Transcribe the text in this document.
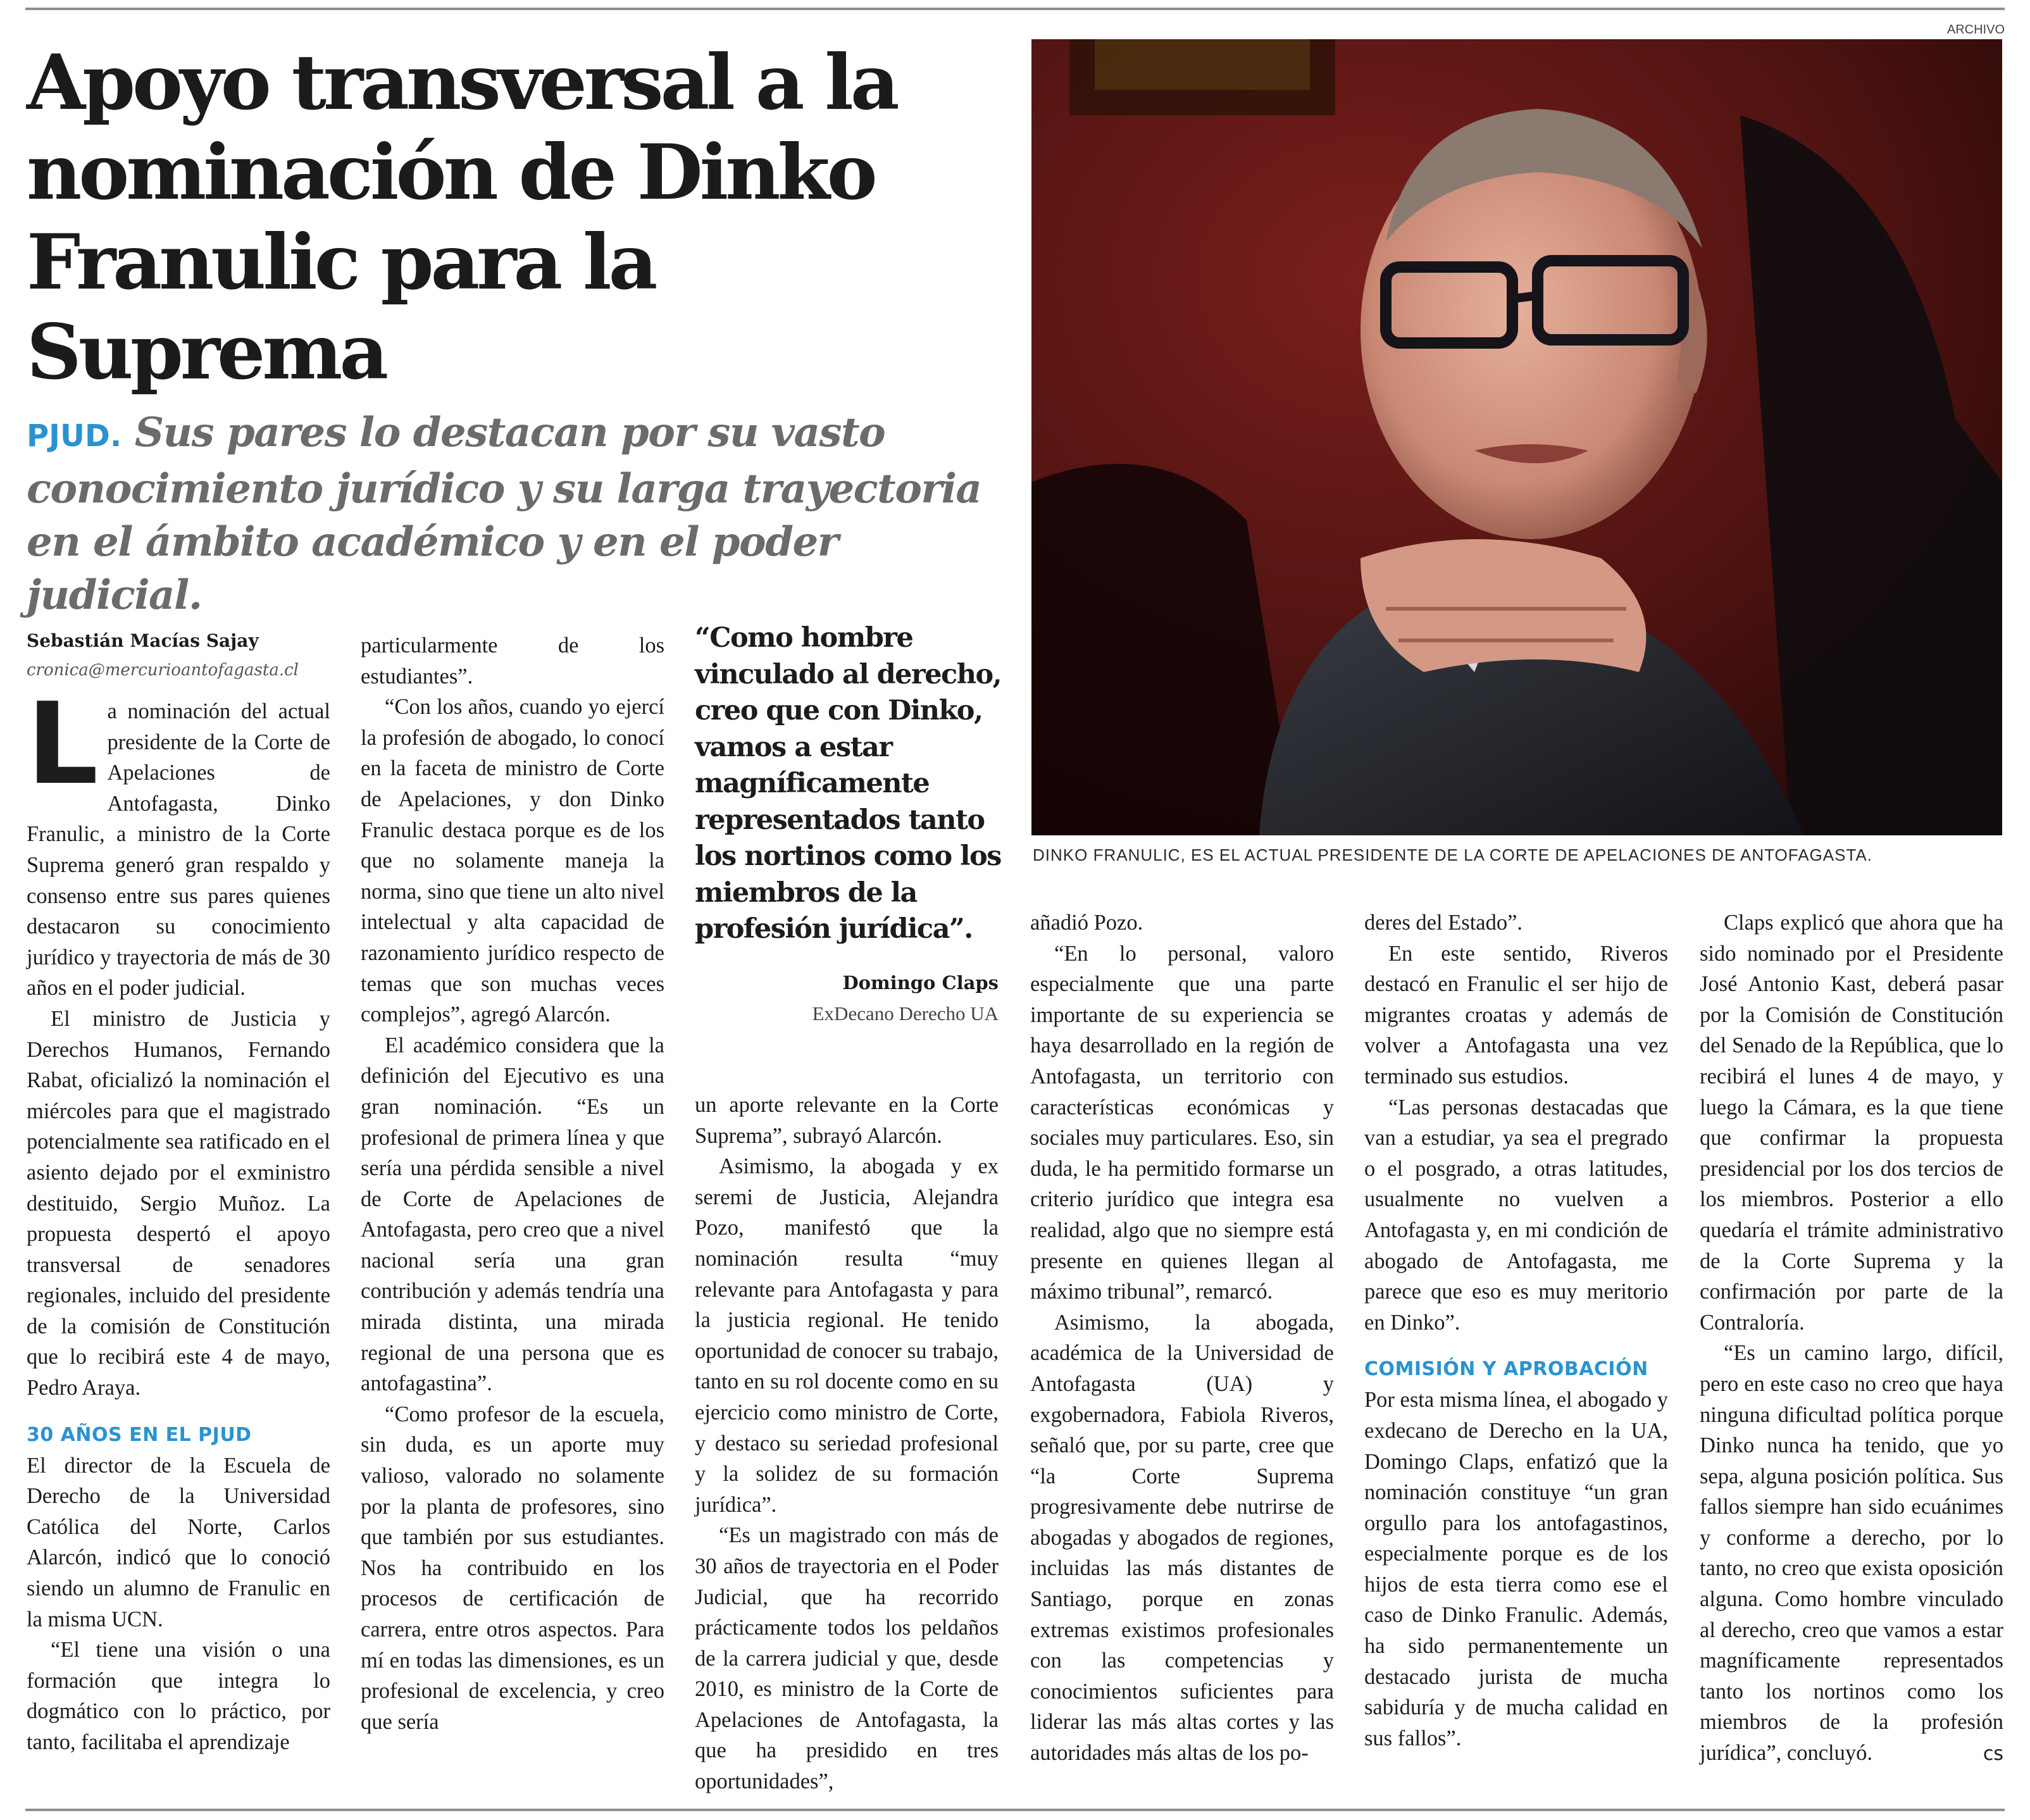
Apoyo transversal a la nominación de Dinko Franulic para la Suprema

PJUD. Sus pares lo destacan por su vasto conocimiento jurídico y su larga trayectoria en el ámbito académico y en el poder judicial.

ARCHIVO
DINKO FRANULIC, ES EL ACTUAL PRESIDENTE DE LA CORTE DE APELACIONES DE ANTOFAGASTA.
Sebastián Macías Sajay
cronica@mercurioantofagasta.cl

La nominación del actual presidente de la Corte de Apelaciones de Antofagasta, Dinko Franulic, a ministro de la Corte Suprema generó gran respaldo y consenso entre sus pares quienes destacaron su conocimiento jurídico y trayectoria de más de 30 años en el poder judicial.

El ministro de Justicia y Derechos Humanos, Fernando Rabat, oficializó la nominación el miércoles para que el magistrado potencialmente sea ratificado en el asiento dejado por el exministro destituido, Sergio Muñoz. La propuesta despertó el apoyo transversal de senadores regionales, incluido del presidente de la comisión de Constitución que lo recibirá este 4 de mayo, Pedro Araya.

30 AÑOS EN EL PJUD

El director de la Escuela de Derecho de la Universidad Católica del Norte, Carlos Alarcón, indicó que lo conoció siendo un alumno de Franulic en la misma UCN.

“El tiene una visión o una formación que integra lo dogmático con lo práctico, por tanto, facilitaba el aprendizaje

particularmente de los estudiantes”.

“Con los años, cuando yo ejercí la profesión de abogado, lo conocí en la faceta de ministro de Corte de Apelaciones, y don Dinko Franulic destaca porque es de los que no solamente maneja la norma, sino que tiene un alto nivel intelectual y alta capacidad de razonamiento jurídico respecto de temas que son muchas veces complejos”, agregó Alarcón.

El académico considera que la definición del Ejecutivo es una gran nominación. “Es un profesional de primera línea y que sería una pérdida sensible a nivel de Corte de Apelaciones de Antofagasta, pero creo que a nivel nacional sería una gran contribución y además tendría una mirada distinta, una mirada regional de una persona que es antofagastina”.

“Como profesor de la escuela, sin duda, es un aporte muy valioso, valorado no solamente por la planta de profesores, sino que también por sus estudiantes. Nos ha contribuido en los procesos de certificación de carrera, entre otros aspectos. Para mí en todas las dimensiones, es un profesional de excelencia, y creo que sería

“Como hombre vinculado al derecho, creo que con Dinko, vamos a estar magníficamente representados tanto los nortinos como los miembros de la profesión jurídica”.

Domingo Claps
ExDecano Derecho UA

un aporte relevante en la Corte Suprema”, subrayó Alarcón.

Asimismo, la abogada y ex seremi de Justicia, Alejandra Pozo, manifestó que la nominación resulta “muy relevante para Antofagasta y para la justicia regional. He tenido oportunidad de conocer su trabajo, tanto en su rol docente como en su ejercicio como ministro de Corte, y destaco su seriedad profesional y la solidez de su formación jurídica”.

“Es un magistrado con más de 30 años de trayectoria en el Poder Judicial, que ha recorrido prácticamente todos los peldaños de la carrera judicial y que, desde 2010, es ministro de la Corte de Apelaciones de Antofagasta, la que ha presidido en tres oportunidades”,

añadió Pozo.

“En lo personal, valoro especialmente que una parte importante de su experiencia se haya desarrollado en la región de Antofagasta, un territorio con características económicas y sociales muy particulares. Eso, sin duda, le ha permitido formarse un criterio jurídico que integra esa realidad, algo que no siempre está presente en quienes llegan al máximo tribunal”, remarcó.

Asimismo, la abogada, académica de la Universidad de Antofagasta (UA) y exgobernadora, Fabiola Riveros, señaló que, por su parte, cree que “la Corte Suprema progresivamente debe nutrirse de abogadas y abogados de regiones, incluidas las más distantes de Santiago, porque en zonas extremas existimos profesionales con las competencias y conocimientos suficientes para liderar las más altas cortes y las autoridades más altas de los po-

deres del Estado”.

En este sentido, Riveros destacó en Franulic el ser hijo de migrantes croatas y además de volver a Antofagasta una vez terminado sus estudios.

“Las personas destacadas que van a estudiar, ya sea el pregrado o el posgrado, a otras latitudes, usualmente no vuelven a Antofagasta y, en mi condición de abogado de Antofagasta, me parece que eso es muy meritorio en Dinko”.

COMISIÓN Y APROBACIÓN

Por esta misma línea, el abogado y exdecano de Derecho en la UA, Domingo Claps, enfatizó que la nominación constituye “un gran orgullo para los antofagastinos, especialmente porque es de los hijos de esta tierra como ese el caso de Dinko Franulic. Además, ha sido permanentemente un destacado jurista de mucha sabiduría y de mucha calidad en sus fallos”.

Claps explicó que ahora que ha sido nominado por el Presidente José Antonio Kast, deberá pasar por la Comisión de Constitución del Senado de la República, que lo recibirá el lunes 4 de mayo, y luego la Cámara, es la que tiene que confirmar la propuesta presidencial por los dos tercios de los miembros. Posterior a ello quedaría el trámite administrativo de la Corte Suprema y la confirmación por parte de la Contraloría.

“Es un camino largo, difícil, pero en este caso no creo que haya ninguna dificultad política porque Dinko nunca ha tenido, que yo sepa, alguna posición política. Sus fallos siempre han sido ecuánimes y conforme a derecho, por lo tanto, no creo que exista oposición alguna. Como hombre vinculado al derecho, creo que vamos a estar magníficamente representados tanto los nortinos como los miembros de la profesión jurídica”, concluyó.	cs
